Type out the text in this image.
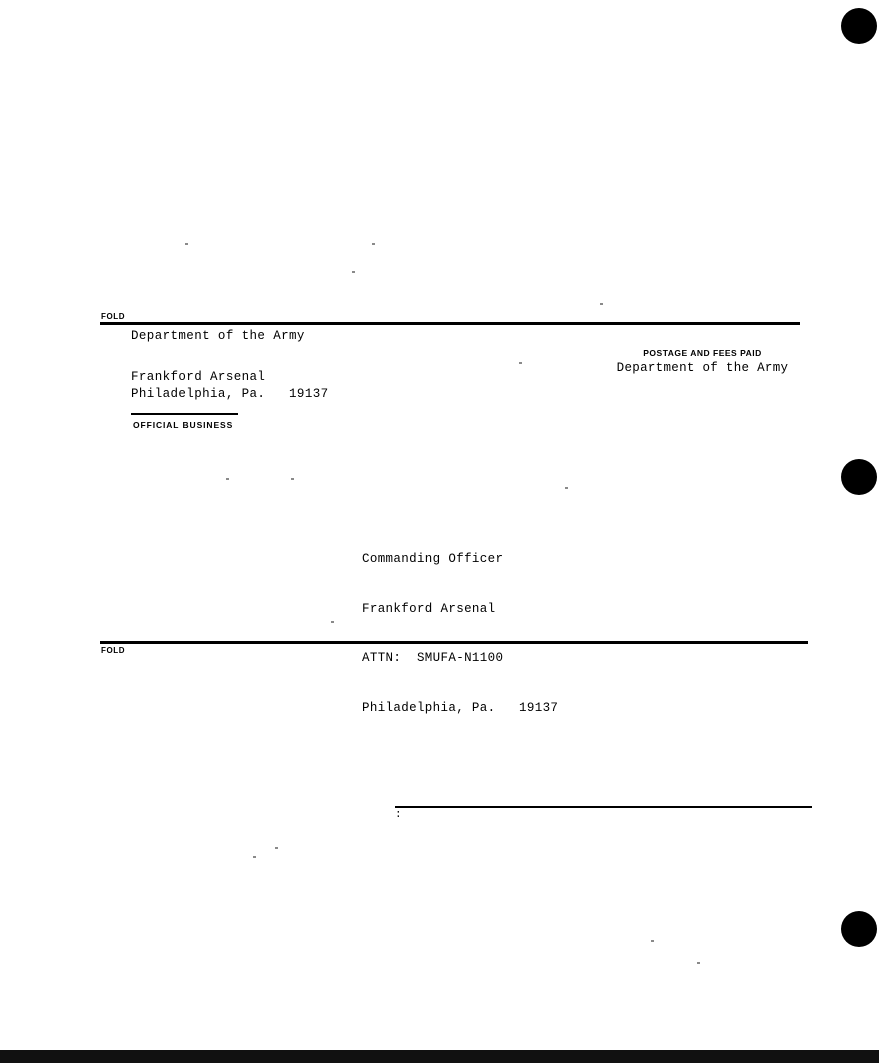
FOLD
Department of the Army
Frankford Arsenal
Philadelphia, Pa.   19137
OFFICIAL BUSINESS
POSTAGE AND FEES PAID
Department of the Army

Commanding Officer

Frankford Arsenal

ATTN:  SMUFA-N1100

Philadelphia, Pa.   19137

FOLD
:
